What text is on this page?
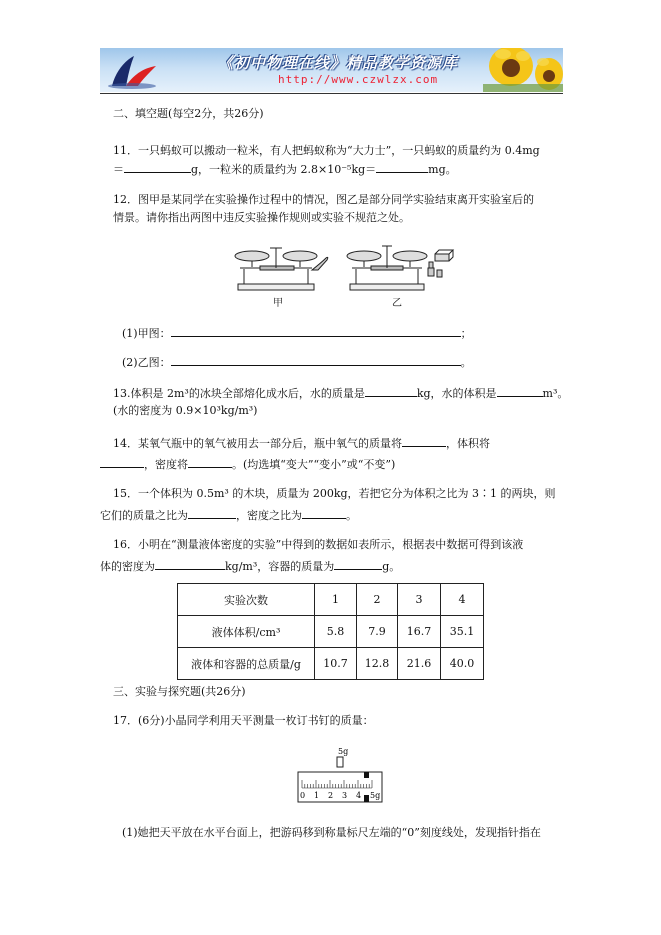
《初中物理在线》精品教学资源库
http://www.czwlzx.com
二、填空题(每空2分，共26分)
11．一只蚂蚁可以搬动一粒米，有人把蚂蚁称为“大力士”，一只蚂蚁的质量约为 0.4mg
＝	g，一粒米的质量约为 2.8×10⁻⁵kg＝	mg。
12．图甲是某同学在实验操作过程中的情况，图乙是部分同学实验结束离开实验室后的
情景。请你指出两图中违反实验操作规则或实验不规范之处。
甲	乙
(1)甲图：	；
(2)乙图：	。
13.体积是 2m³的冰块全部熔化成水后，水的质量是	kg，水的体积是	m³。
(水的密度为 0.9×10³kg/m³)
14．某氧气瓶中的氧气被用去一部分后，瓶中氧气的质量将	，体积将
，密度将	。(均选填“变大”“变小”或“不变”)
15．一个体积为 0.5m³ 的木块，质量为 200kg，若把它分为体积之比为 3∶1 的两块，则
它们的质量之比为	，密度之比为	。
16．小明在“测量液体密度的实验”中得到的数据如表所示，根据表中数据可得到该液
体的密度为	kg/m³，容器的质量为	g。
实验次数	1	2	3	4
液体体积/cm³	5.8	7.9	16.7	35.1
液体和容器的总质量/g	10.7	12.8	21.6	40.0
三、实验与探究题(共26分)
17．(6分)小晶同学利用天平测量一枚订书钉的质量：
5g
0 1 2 3 4 5g
(1)她把天平放在水平台面上，把游码移到称量标尺左端的“0”刻度线处，发现指针指在
